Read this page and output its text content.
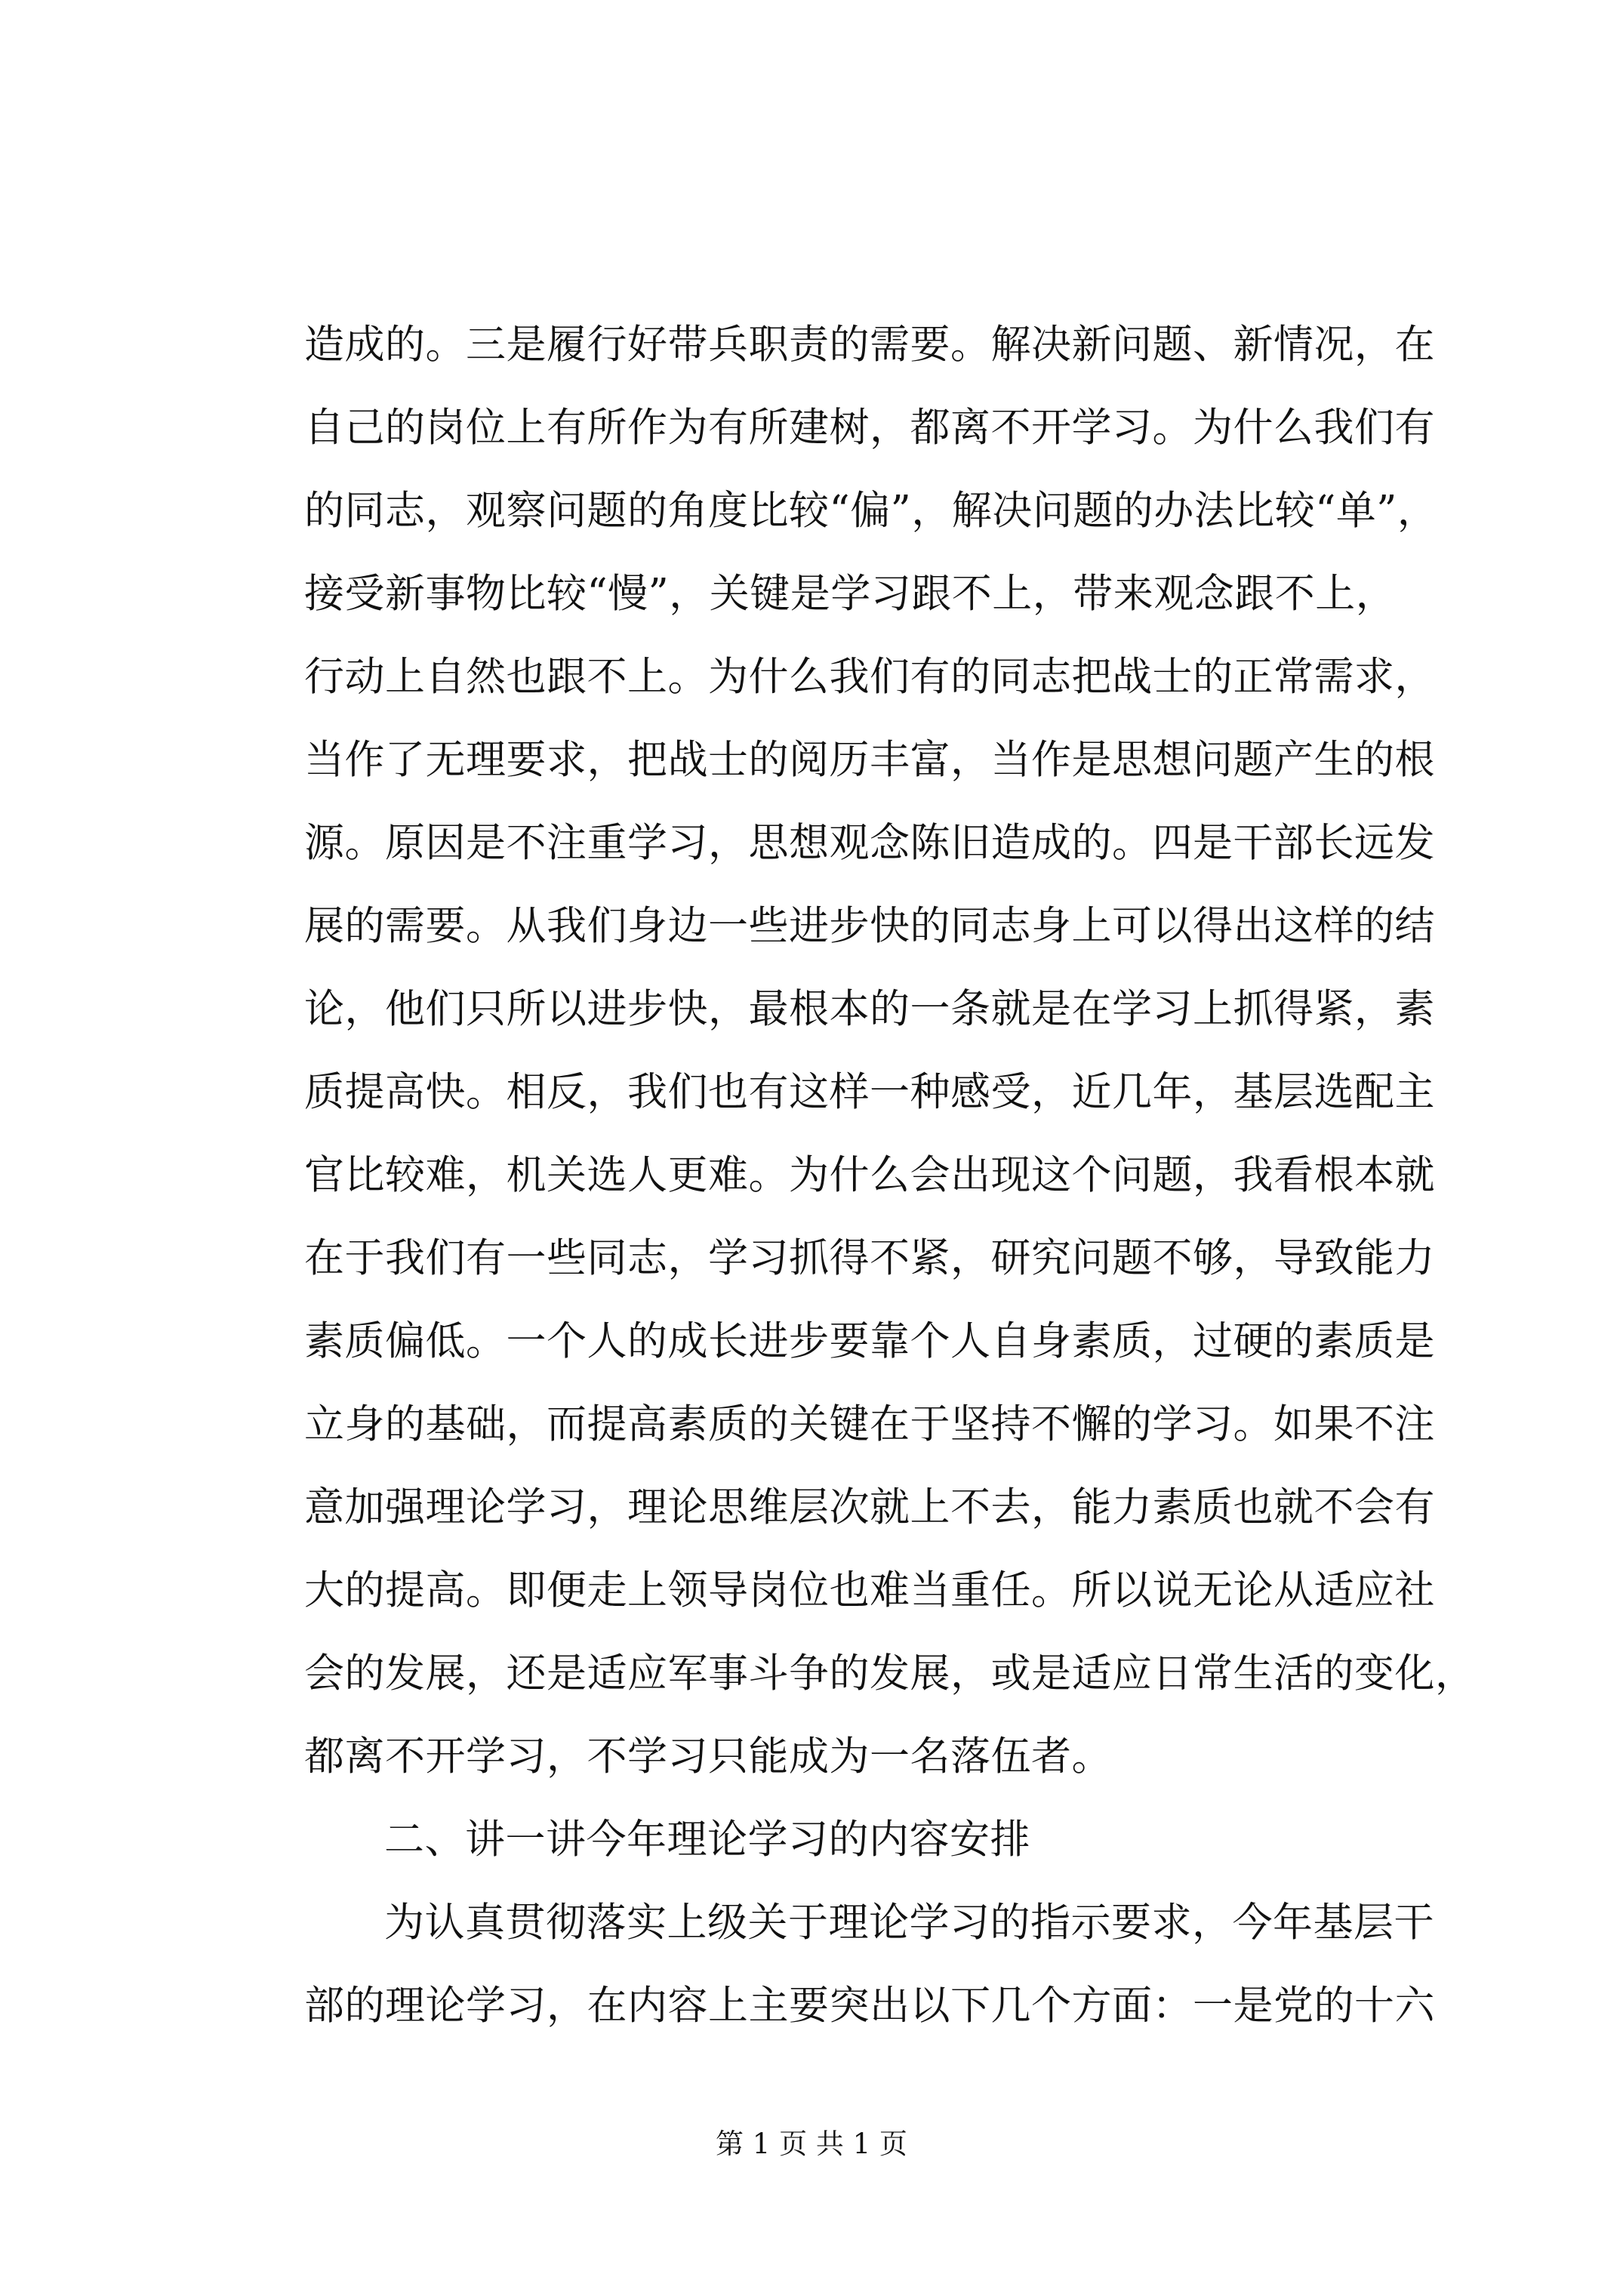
造成的。三是履行好带兵职责的需要。解决新问题、新情况，在
自己的岗位上有所作为有所建树，都离不开学习。为什么我们有
的同志，观察问题的角度比较“偏”，解决问题的办法比较“单”，
接受新事物比较“慢”，关键是学习跟不上，带来观念跟不上，
行动上自然也跟不上。为什么我们有的同志把战士的正常需求，
当作了无理要求，把战士的阅历丰富，当作是思想问题产生的根
源。原因是不注重学习，思想观念陈旧造成的。四是干部长远发
展的需要。从我们身边一些进步快的同志身上可以得出这样的结
论，他们只所以进步快，最根本的一条就是在学习上抓得紧，素
质提高快。相反，我们也有这样一种感受，近几年，基层选配主
官比较难，机关选人更难。为什么会出现这个问题，我看根本就
在于我们有一些同志，学习抓得不紧，研究问题不够，导致能力
素质偏低。一个人的成长进步要靠个人自身素质，过硬的素质是
立身的基础，而提高素质的关键在于坚持不懈的学习。如果不注
意加强理论学习，理论思维层次就上不去，能力素质也就不会有
大的提高。即便走上领导岗位也难当重任。所以说无论从适应社
会的发展，还是适应军事斗争的发展，或是适应日常生活的变化，
都离不开学习，不学习只能成为一名落伍者。
二、讲一讲今年理论学习的内容安排
为认真贯彻落实上级关于理论学习的指示要求，今年基层干
部的理论学习，在内容上主要突出以下几个方面：一是党的十六
第 1 页 共 1 页
